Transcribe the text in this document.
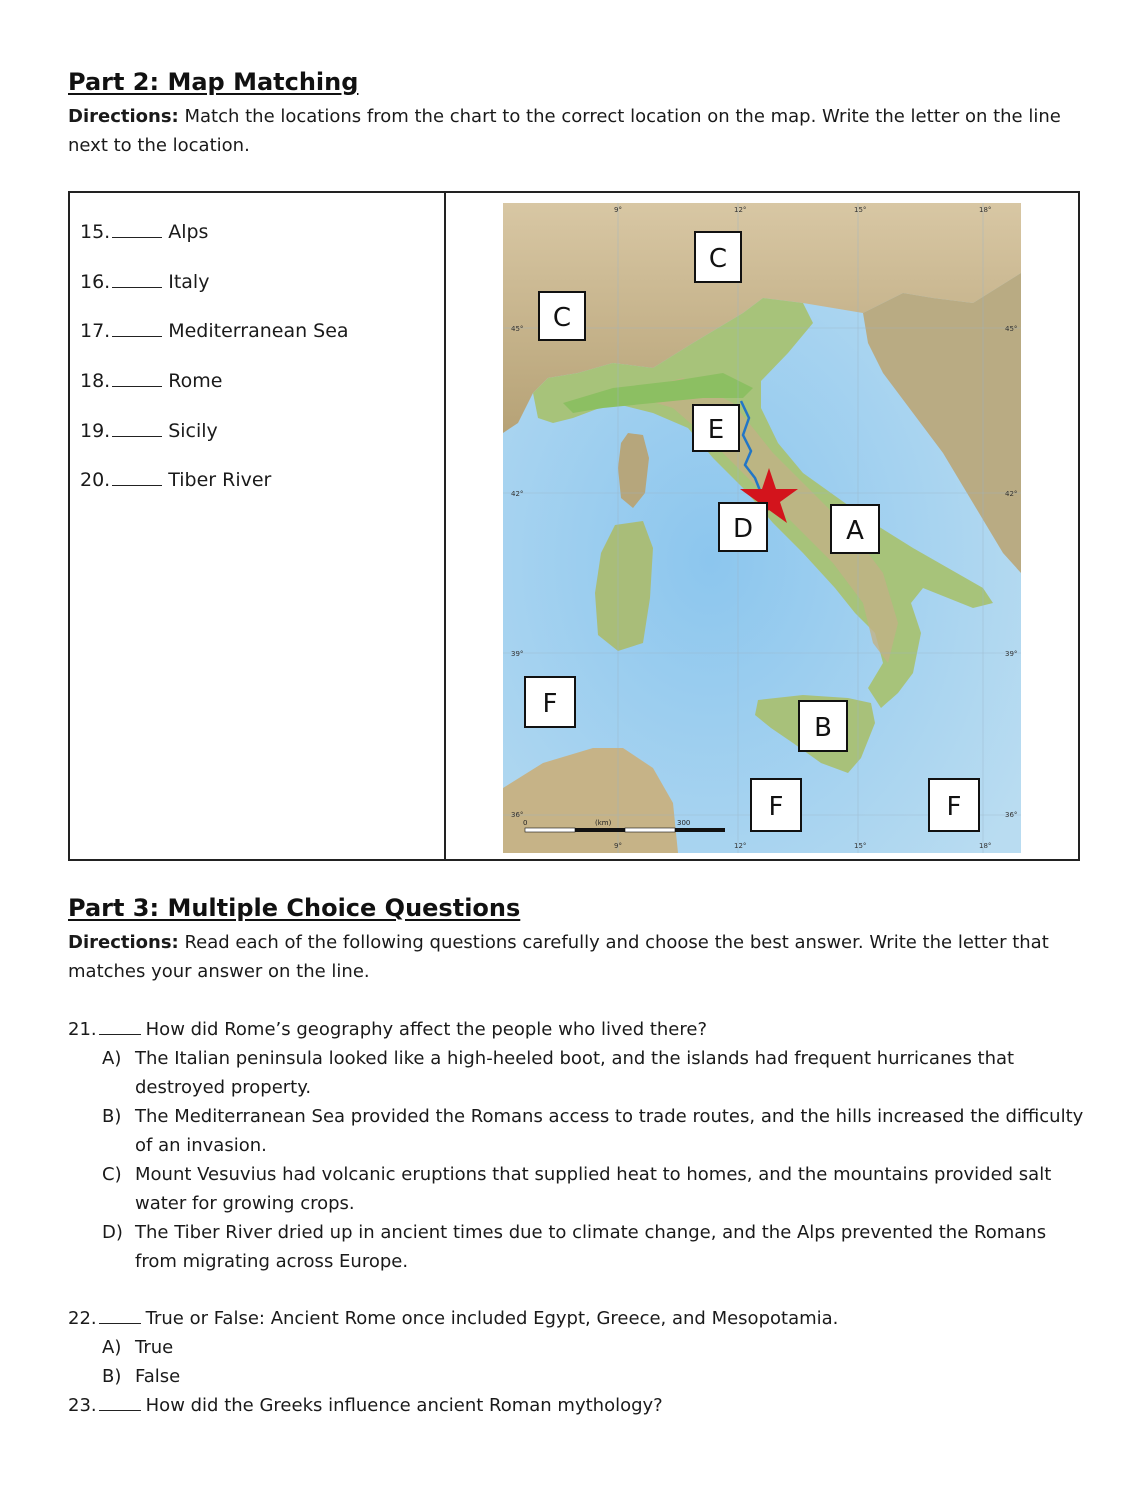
Part 2: Map Matching

Directions: Match the locations from the chart to the correct location on the map. Write the letter on the line next to the location.

15.	Alps
16.	Italy
17.	Mediterranean Sea
18.	Rome
19.	Sicily
20.	Tiber River
45°	45°
42°	42°
39°	39°
36°	36°
9°	12°	15°	18°
9°	12°	15°	18°
0	(km)	300
C
C
E
D	A
F
B
F	F
Part 3: Multiple Choice Questions

Directions: Read each of the following questions carefully and choose the best answer. Write the letter that matches your answer on the line.

21.	How did Rome’s geography affect the people who lived there?
A) The Italian peninsula looked like a high-heeled boot, and the islands had frequent hurricanes that destroyed property.
B) The Mediterranean Sea provided the Romans access to trade routes, and the hills increased the difficulty of an invasion.
C) Mount Vesuvius had volcanic eruptions that supplied heat to homes, and the mountains provided salt water for growing crops.
D) The Tiber River dried up in ancient times due to climate change, and the Alps prevented the Romans from migrating across Europe.
22.	True or False: Ancient Rome once included Egypt, Greece, and Mesopotamia.
A) True
B) False
23.	How did the Greeks influence ancient Roman mythology?
